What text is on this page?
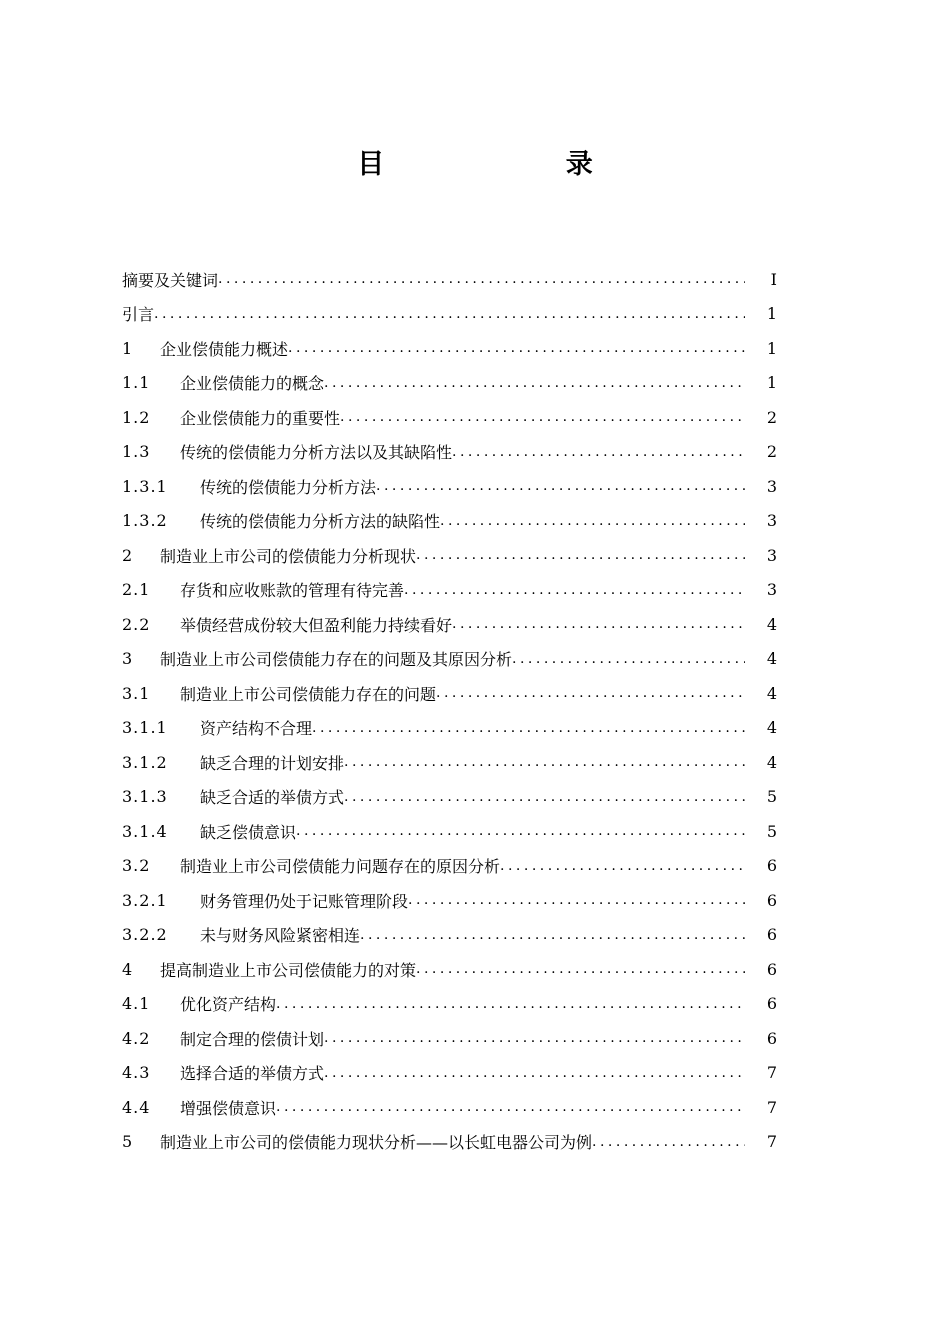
目 录
摘要及关键词 .....	I
引言 .....	1
1	企业偿债能力概述 .....	1
1.1	企业偿债能力的概念 .....	1
1.2	企业偿债能力的重要性 .....	2
1.3	传统的偿债能力分析方法以及其缺陷性 .....	2
1.3.1	传统的偿债能力分析方法 .....	3
1.3.2	传统的偿债能力分析方法的缺陷性 .....	3
2	制造业上市公司的偿债能力分析现状 .....	3
2.1	存货和应收账款的管理有待完善 .....	3
2.2	举债经营成份较大但盈利能力持续看好 .....	4
3	制造业上市公司偿债能力存在的问题及其原因分析 .....	4
3.1	制造业上市公司偿债能力存在的问题 .....	4
3.1.1	资产结构不合理 .....	4
3.1.2	缺乏合理的计划安排 .....	4
3.1.3	缺乏合适的举债方式 .....	5
3.1.4	缺乏偿债意识 .....	5
3.2	制造业上市公司偿债能力问题存在的原因分析 .....	6
3.2.1	财务管理仍处于记账管理阶段 .....	6
3.2.2	未与财务风险紧密相连 .....	6
4	提高制造业上市公司偿债能力的对策 .....	6
4.1	优化资产结构 .....	6
4.2	制定合理的偿债计划 .....	6
4.3	选择合适的举债方式 .....	7
4.4	增强偿债意识 .....	7
5	制造业上市公司的偿债能力现状分析——以长虹电器公司为例 .....	7
